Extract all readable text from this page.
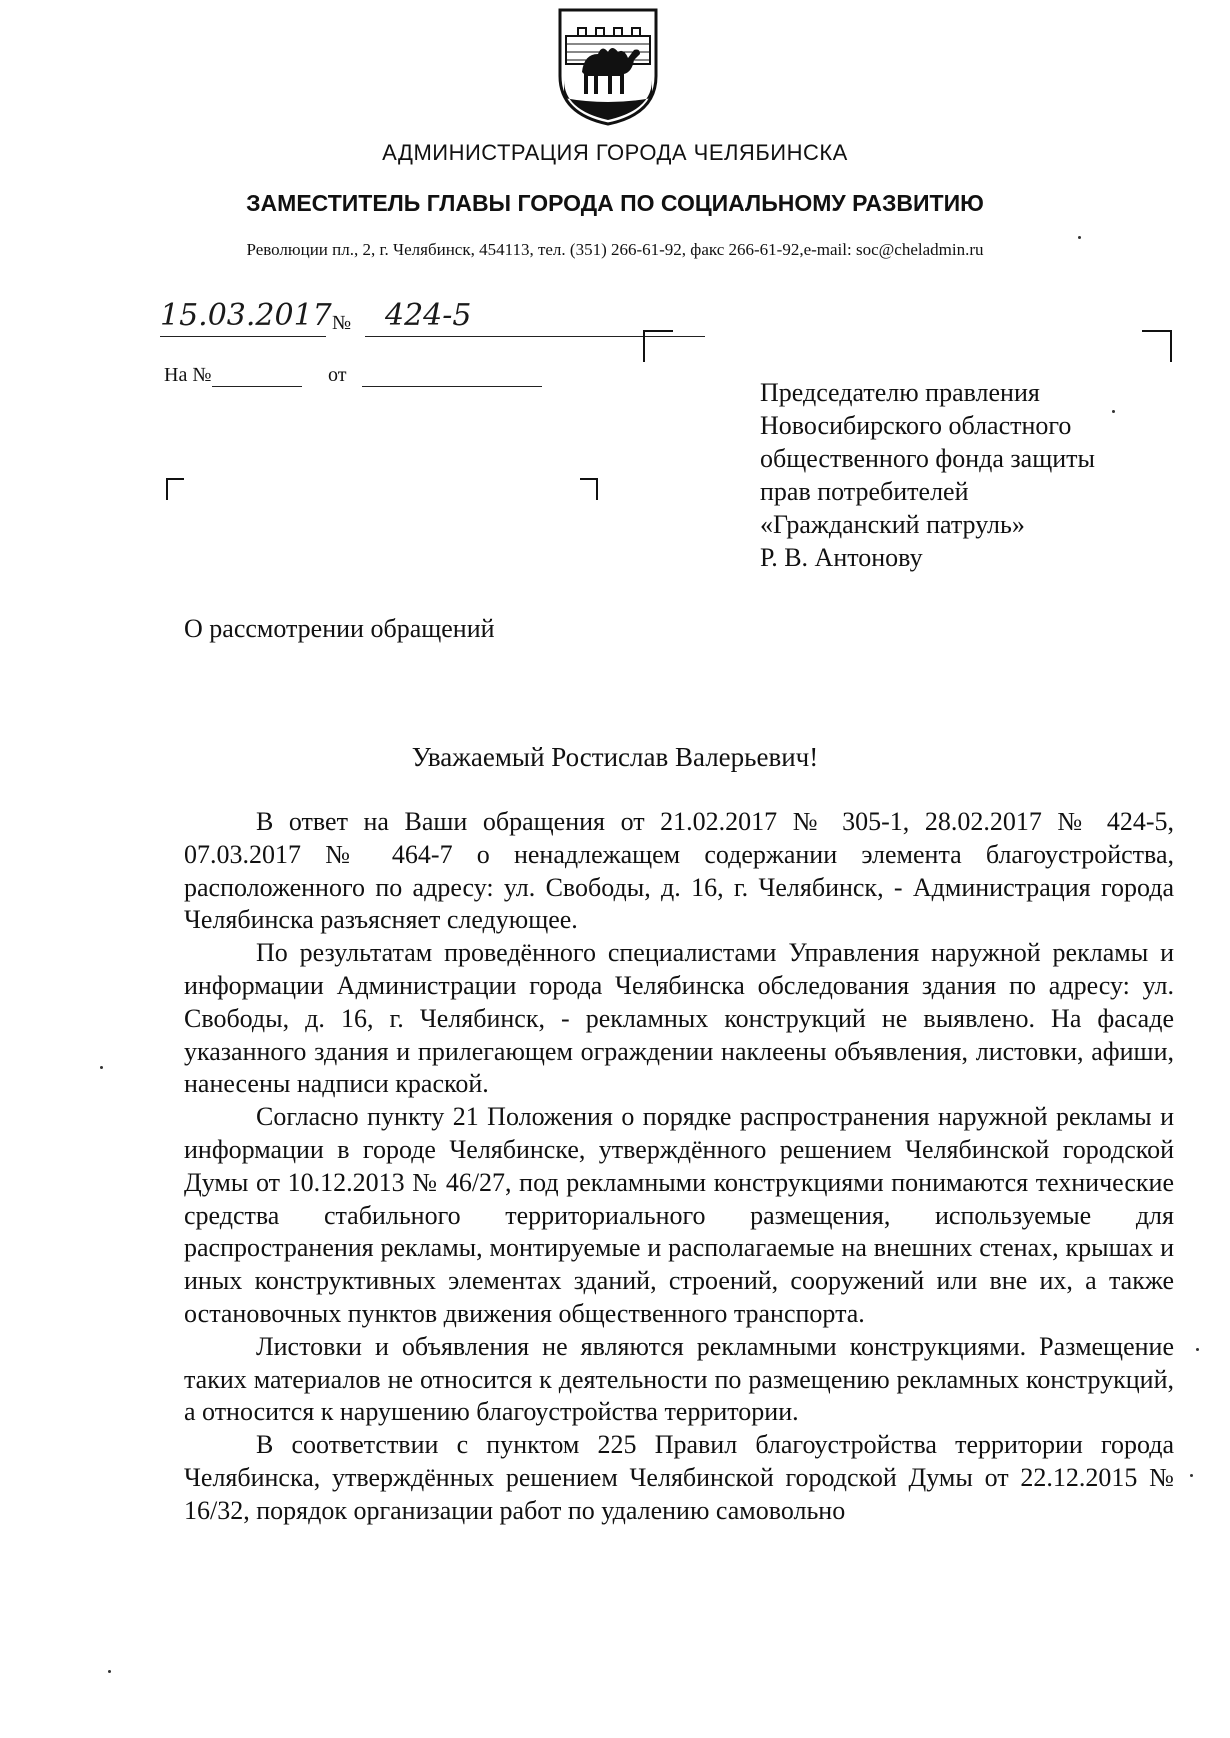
АДМИНИСТРАЦИЯ ГОРОДА ЧЕЛЯБИНСКА
ЗАМЕСТИТЕЛЬ ГЛАВЫ ГОРОДА ПО СОЦИАЛЬНОМУ РАЗВИТИЮ
Революции пл., 2, г. Челябинск, 454113, тел. (351) 266-61-92, факс 266-61-92,e-mail: soc@cheladmin.ru
15.03.2017 № 424-5
На №	от
Председателю правления
Новосибирского областного
общественного фонда защиты
прав потребителей
«Гражданский патруль»
Р. В. Антонову
О рассмотрении обращений
Уважаемый Ростислав Валерьевич!

В ответ на Ваши обращения от 21.02.2017 № 305-1, 28.02.2017 № 424-5, 07.03.2017 № 464-7 о ненадлежащем содержании элемента благоустройства, расположенного по адресу: ул. Свободы, д. 16, г. Челябинск, - Администрация города Челябинска разъясняет следующее.

По результатам проведённого специалистами Управления наружной рекламы и информации Администрации города Челябинска обследования здания по адресу: ул. Свободы, д. 16, г. Челябинск, - рекламных конструкций не выявлено. На фасаде указанного здания и прилегающем ограждении наклеены объявления, листовки, афиши, нанесены надписи краской.

Согласно пункту 21 Положения о порядке распространения наружной рекламы и информации в городе Челябинске, утверждённого решением Челябинской городской Думы от 10.12.2013 № 46/27, под рекламными конструкциями понимаются технические средства стабильного территориального размещения, используемые для распространения рекламы, монтируемые и располагаемые на внешних стенах, крышах и иных конструктивных элементах зданий, строений, сооружений или вне их, а также остановочных пунктов движения общественного транспорта.

Листовки и объявления не являются рекламными конструкциями. Размещение таких материалов не относится к деятельности по размещению рекламных конструкций, а относится к нарушению благоустройства территории.

В соответствии с пунктом 225 Правил благоустройства территории города Челябинска, утверждённых решением Челябинской городской Думы от 22.12.2015 № 16/32, порядок организации работ по удалению самовольно
